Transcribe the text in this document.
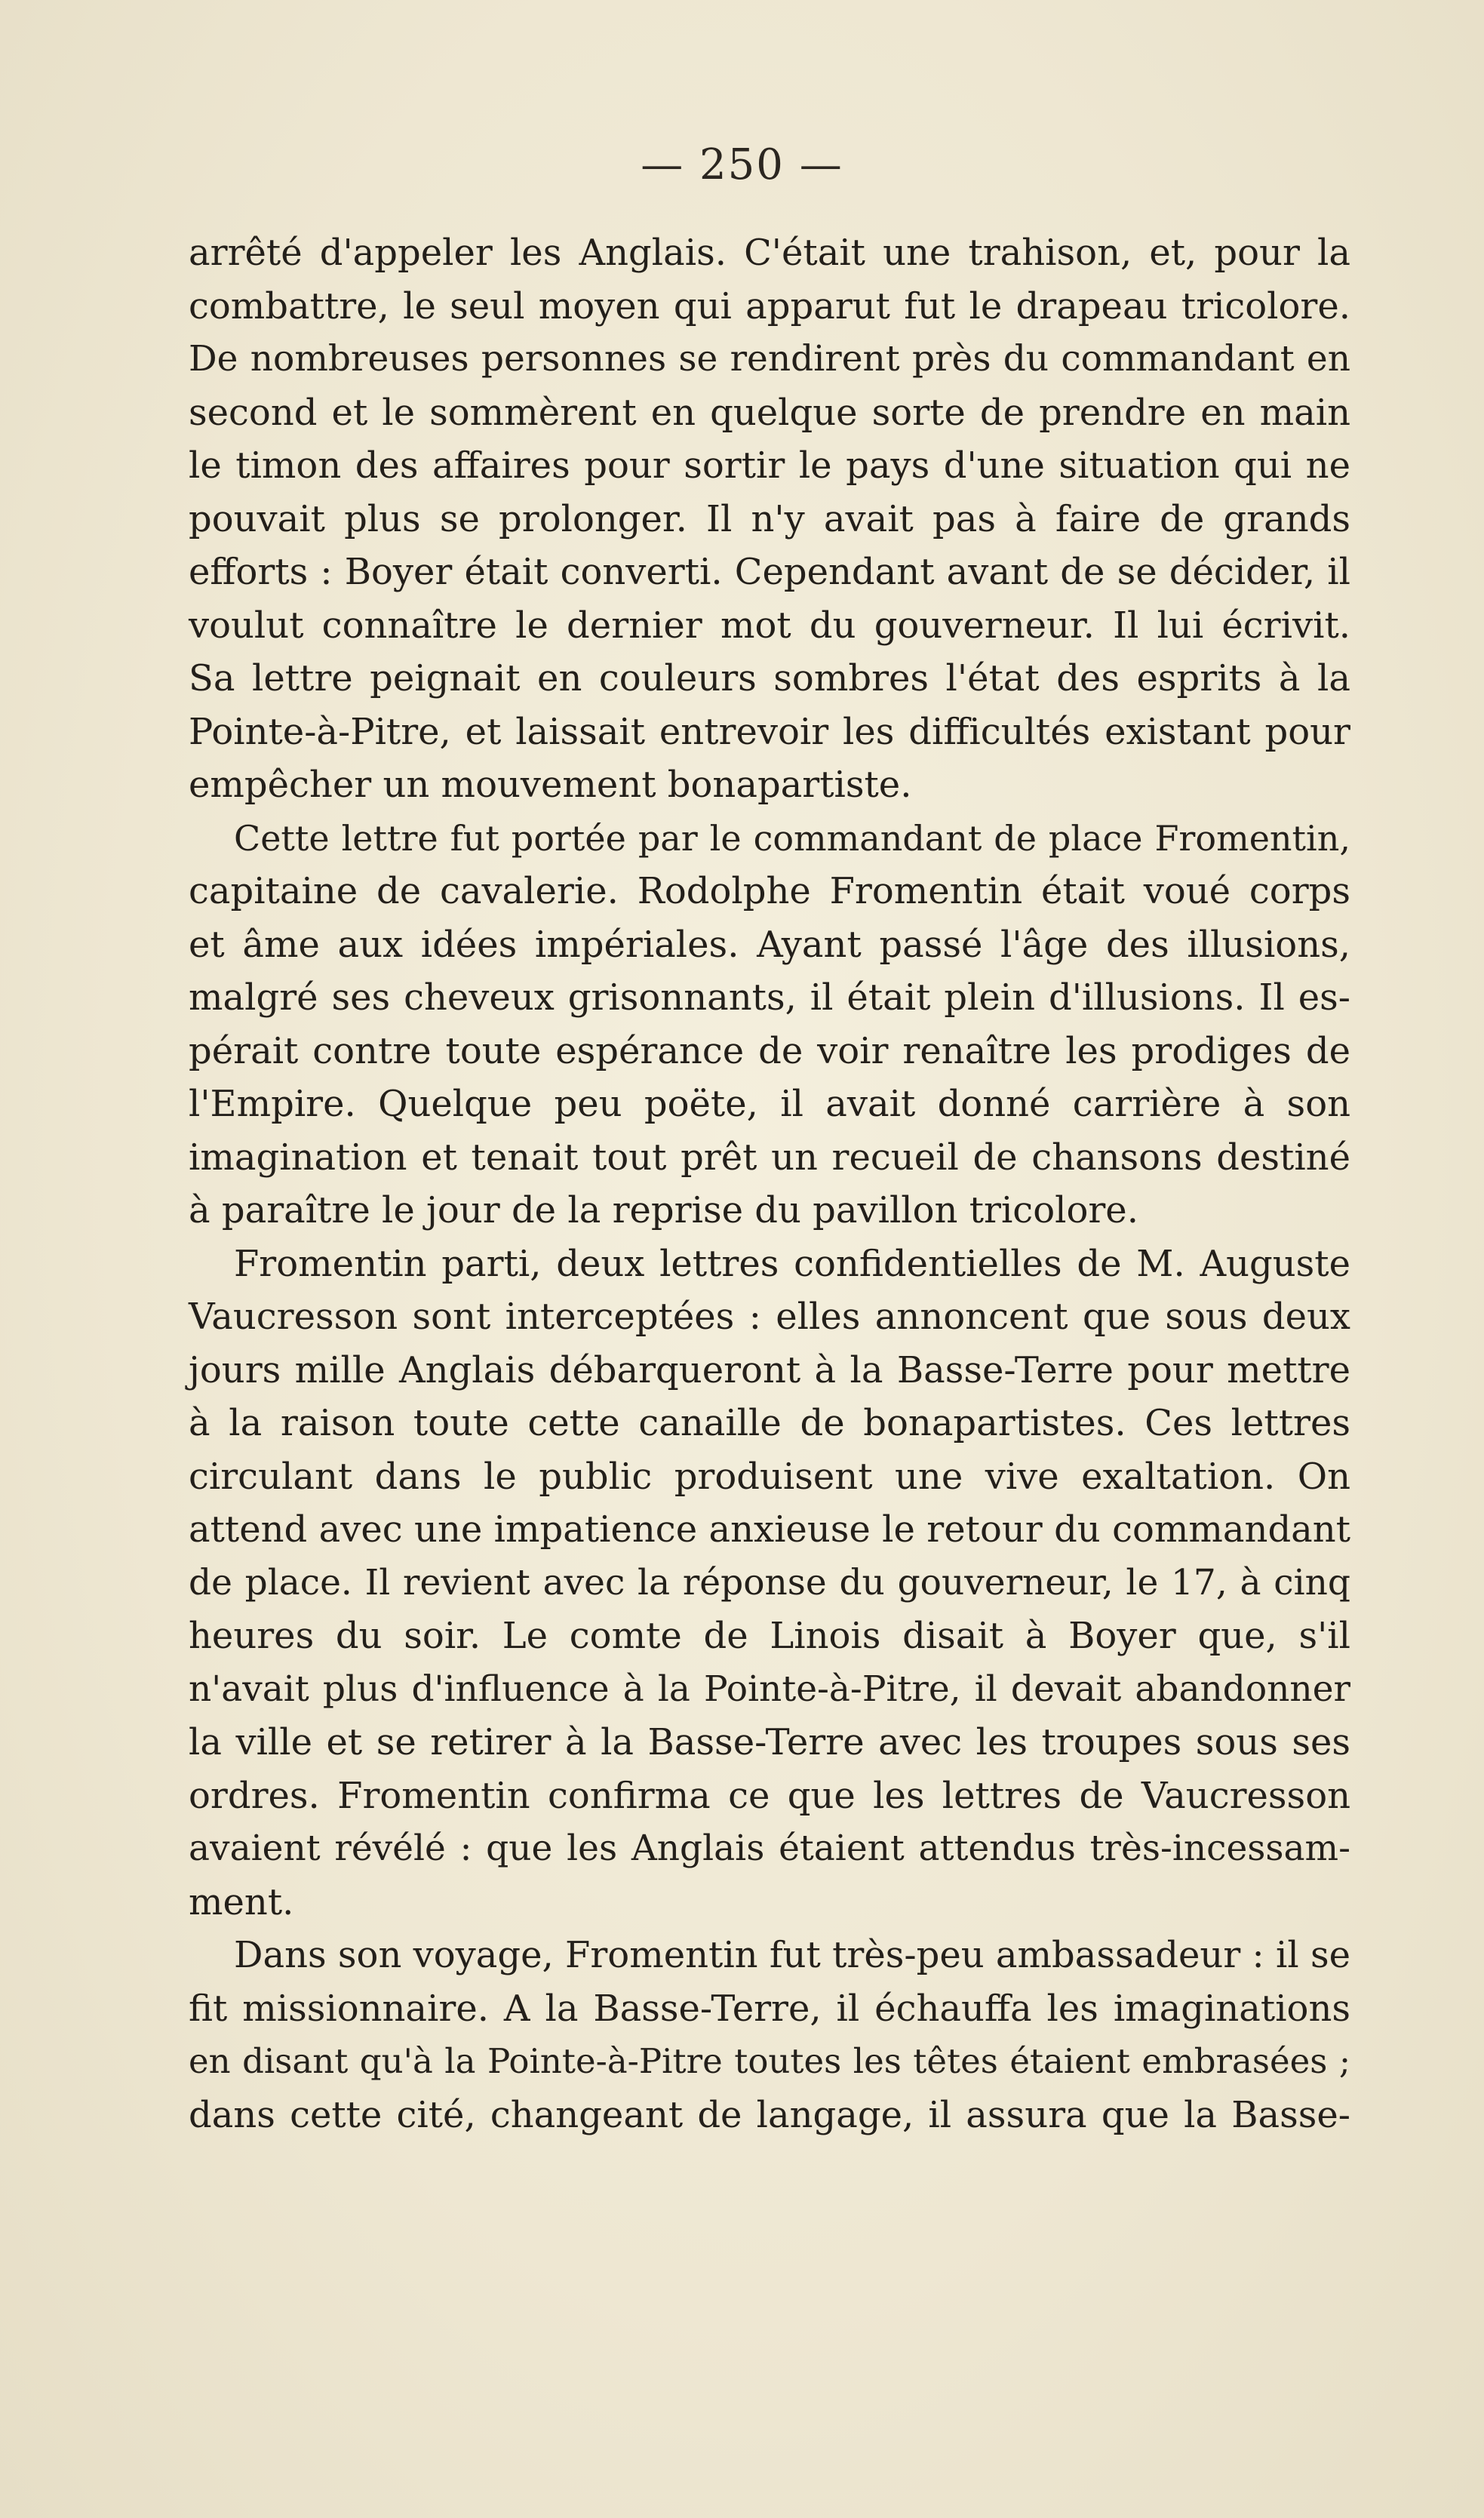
— 250 —
arrêté d'appeler les Anglais. C'était une trahison, et, pour la
combattre, le seul moyen qui apparut fut le drapeau tricolore.
De nombreuses personnes se rendirent près du commandant en
second et le sommèrent en quelque sorte de prendre en main
le timon des affaires pour sortir le pays d'une situation qui ne
pouvait plus se prolonger. Il n'y avait pas à faire de grands
efforts : Boyer était converti. Cependant avant de se décider, il
voulut connaître le dernier mot du gouverneur. Il lui écrivit.
Sa lettre peignait en couleurs sombres l'état des esprits à la
Pointe-à-Pitre, et laissait entrevoir les difficultés existant pour
empêcher un mouvement bonapartiste.
Cette lettre fut portée par le commandant de place Fromentin,
capitaine de cavalerie. Rodolphe Fromentin était voué corps
et âme aux idées impériales. Ayant passé l'âge des illusions,
malgré ses cheveux grisonnants, il était plein d'illusions. Il es-
pérait contre toute espérance de voir renaître les prodiges de
l'Empire. Quelque peu poëte, il avait donné carrière à son
imagination et tenait tout prêt un recueil de chansons destiné
à paraître le jour de la reprise du pavillon tricolore.
Fromentin parti, deux lettres confidentielles de M. Auguste
Vaucresson sont interceptées : elles annoncent que sous deux
jours mille Anglais débarqueront à la Basse-Terre pour mettre
à la raison toute cette canaille de bonapartistes. Ces lettres
circulant dans le public produisent une vive exaltation. On
attend avec une impatience anxieuse le retour du commandant
de place. Il revient avec la réponse du gouverneur, le 17, à cinq
heures du soir. Le comte de Linois disait à Boyer que, s'il
n'avait plus d'influence à la Pointe-à-Pitre, il devait abandonner
la ville et se retirer à la Basse-Terre avec les troupes sous ses
ordres. Fromentin confirma ce que les lettres de Vaucresson
avaient révélé : que les Anglais étaient attendus très-incessam-
ment.
Dans son voyage, Fromentin fut très-peu ambassadeur : il se
fit missionnaire. A la Basse-Terre, il échauffa les imaginations
en disant qu'à la Pointe-à-Pitre toutes les têtes étaient embrasées ;
dans cette cité, changeant de langage, il assura que la Basse-
